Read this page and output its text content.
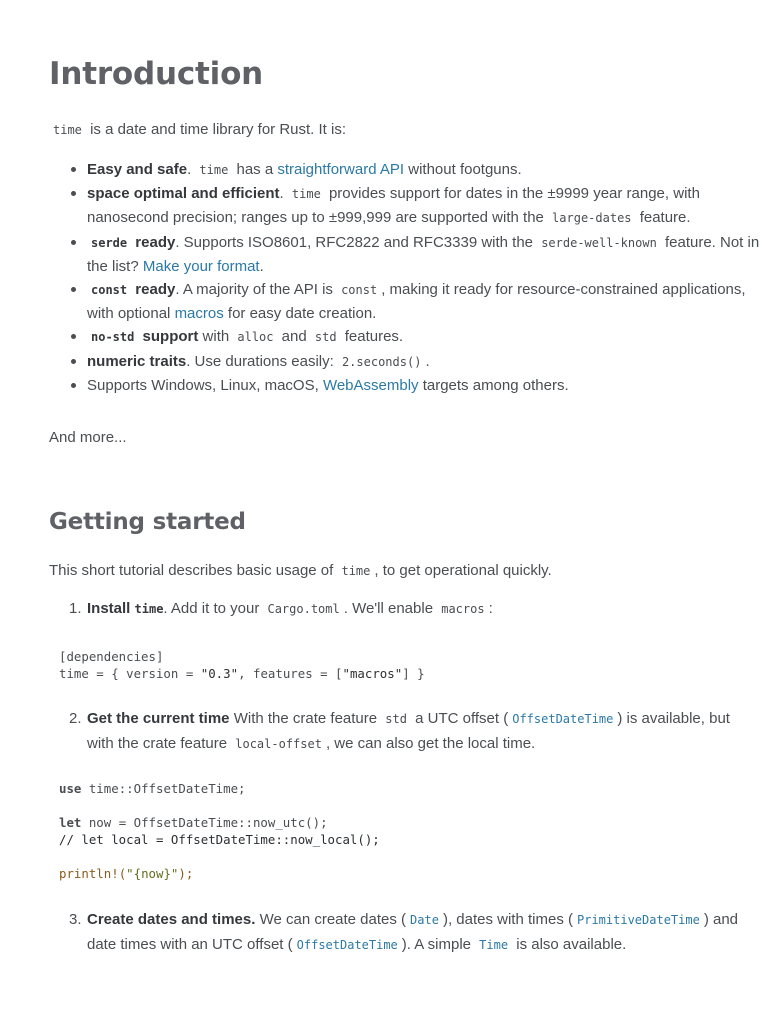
Introduction
time is a date and time library for Rust. It is:
Easy and safe. time has a straightforward API without footguns.
space optimal and efficient. time provides support for dates in the ±9999 year range, with nanosecond precision; ranges up to ±999,999 are supported with the large-dates feature.
serde ready. Supports ISO8601, RFC2822 and RFC3339 with the serde-well-known feature. Not in the list? Make your format.
const ready. A majority of the API is const , making it ready for resource-constrained applications, with optional macros for easy date creation.
no-std support with alloc and std features.
numeric traits. Use durations easily: 2.seconds() .
Supports Windows, Linux, macOS, WebAssembly targets among others.
And more...
Getting started
This short tutorial describes basic usage of time , to get operational quickly.
1. Install time. Add it to your Cargo.toml . We'll enable macros :
[dependencies]
time = { version = "0.3", features = ["macros"] }
2. Get the current time With the crate feature std a UTC offset ( OffsetDateTime ) is available, but with the crate feature local-offset , we can also get the local time.
use time::OffsetDateTime;

let now = OffsetDateTime::now_utc();
// let local = OffsetDateTime::now_local();

println!("{now}");
3. Create dates and times. We can create dates ( Date ), dates with times ( PrimitiveDateTime ) and date times with an UTC offset ( OffsetDateTime ). A simple Time is also available.
